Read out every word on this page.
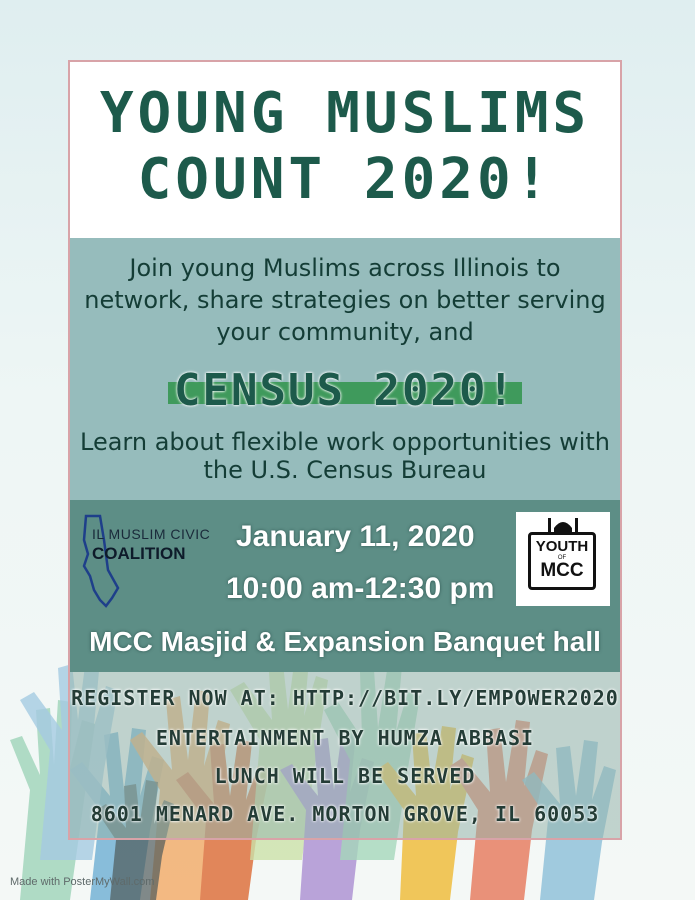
YOUNG MUSLIMS
COUNT 2020!
Join young Muslims across Illinois to network, share strategies on better serving your community, and
CENSUS 2020!
Learn about flexible work opportunities with the U.S. Census Bureau
IL MUSLIM CIVIC
COALITION
January 11, 2020
10:00 am-12:30 pm
MCC Masjid & Expansion Banquet hall
YOUTH
OF
MCC
REGISTER NOW AT: HTTP://BIT.LY/EMPOWER2020
ENTERTAINMENT BY HUMZA ABBASI
LUNCH WILL BE SERVED
8601 MENARD AVE. MORTON GROVE, IL 60053
Made with PosterMyWall.com
